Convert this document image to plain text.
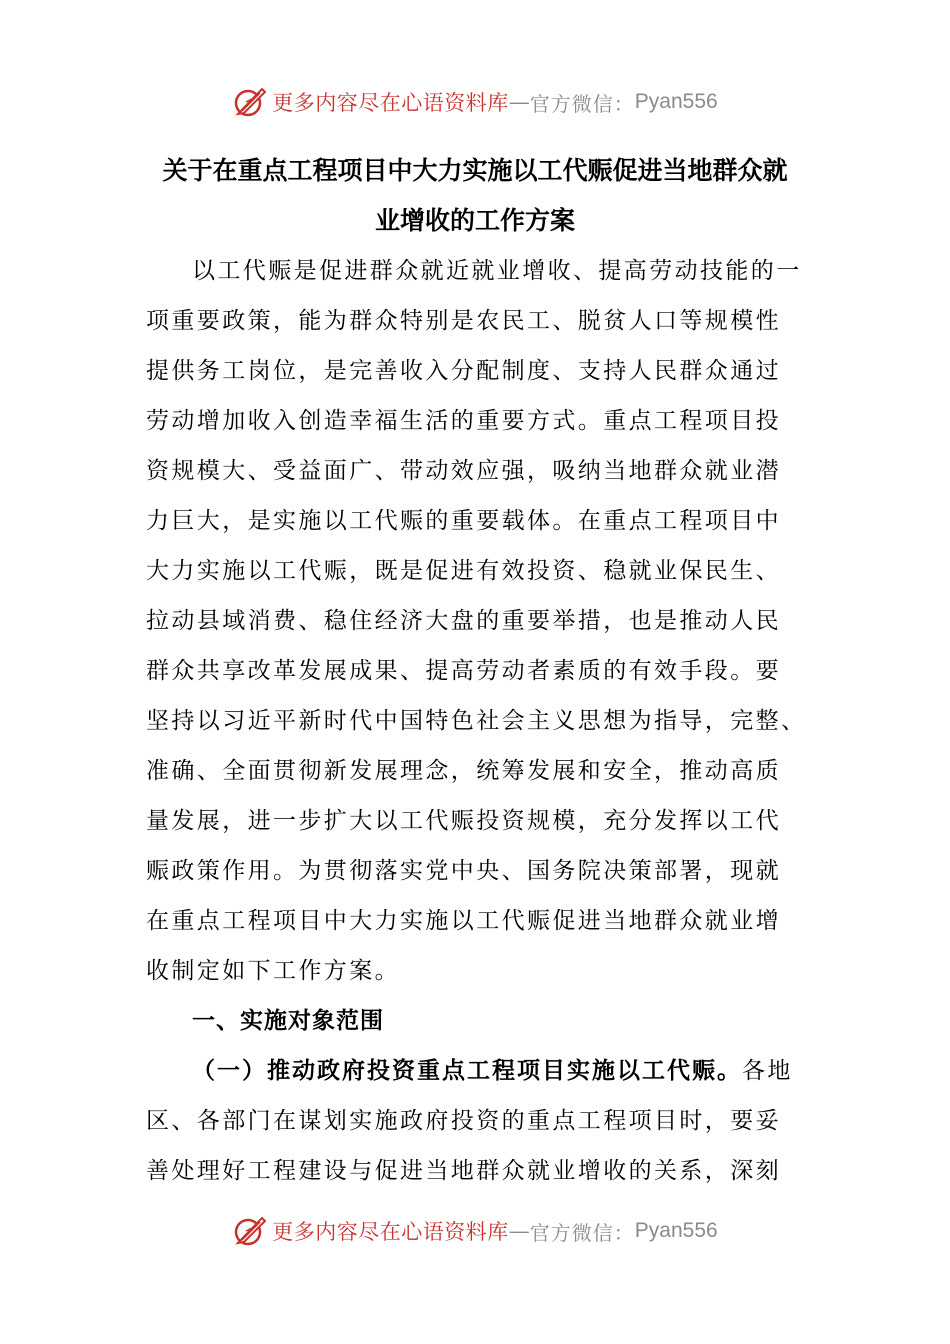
更多内容尽在心语资料库 — 官方微信： Pyan556
关于在重点工程项目中大力实施以工代赈促进当地群众就
业增收的工作方案
以工代赈是促进群众就近就业增收、提高劳动技能的一
项重要政策，能为群众特别是农民工、脱贫人口等规模性
提供务工岗位，是完善收入分配制度、支持人民群众通过
劳动增加收入创造幸福生活的重要方式。重点工程项目投
资规模大、受益面广、带动效应强，吸纳当地群众就业潜
力巨大，是实施以工代赈的重要载体。在重点工程项目中
大力实施以工代赈，既是促进有效投资、稳就业保民生、
拉动县域消费、稳住经济大盘的重要举措，也是推动人民
群众共享改革发展成果、提高劳动者素质的有效手段。要
坚持以习近平新时代中国特色社会主义思想为指导，完整、
准确、全面贯彻新发展理念，统筹发展和安全，推动高质
量发展，进一步扩大以工代赈投资规模，充分发挥以工代
赈政策作用。为贯彻落实党中央、国务院决策部署，现就
在重点工程项目中大力实施以工代赈促进当地群众就业增
收制定如下工作方案。
一、实施对象范围
（一）推动政府投资重点工程项目实施以工代赈。各地
区、各部门在谋划实施政府投资的重点工程项目时，要妥
善处理好工程建设与促进当地群众就业增收的关系，深刻
更多内容尽在心语资料库 — 官方微信： Pyan556
